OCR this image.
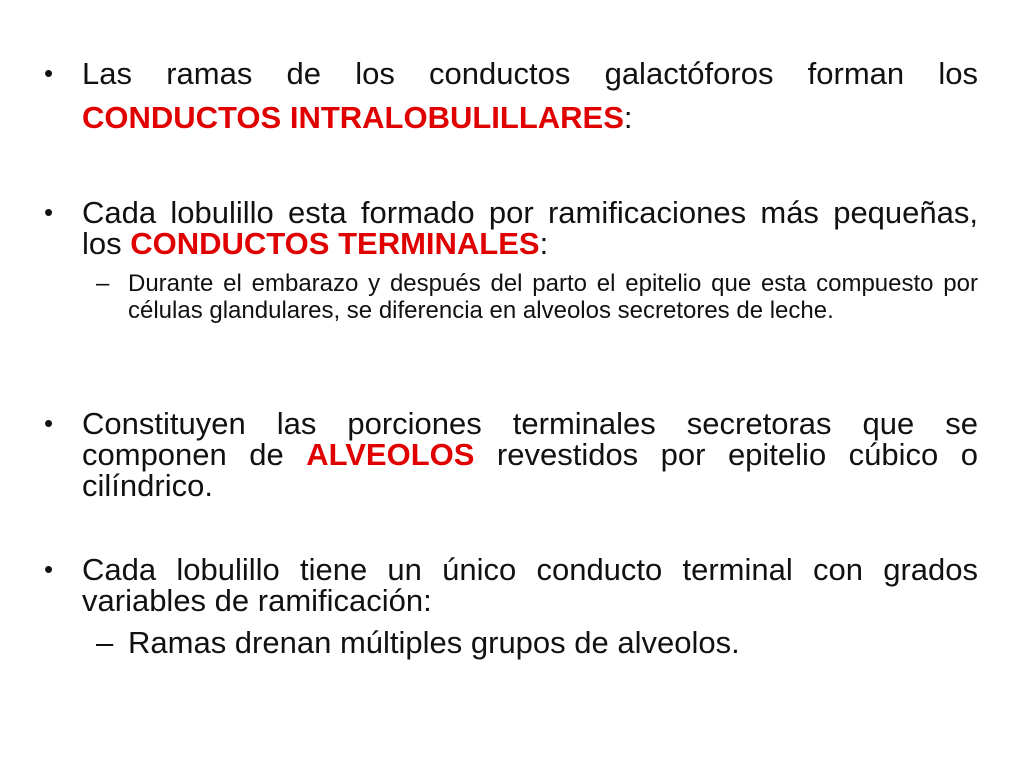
• Las ramas de los conductos galactóforos forman los CONDUCTOS INTRALOBULILLARES:
• Cada lobulillo esta formado por ramificaciones más pequeñas, los CONDUCTOS TERMINALES:
– Durante el embarazo y después del parto el epitelio que esta compuesto por células glandulares, se diferencia en alveolos secretores de leche.
• Constituyen las porciones terminales secretoras que se componen de ALVEOLOS revestidos por epitelio cúbico o cilíndrico.
• Cada lobulillo tiene un único conducto terminal con grados variables de ramificación:
– Ramas drenan múltiples grupos de alveolos.
